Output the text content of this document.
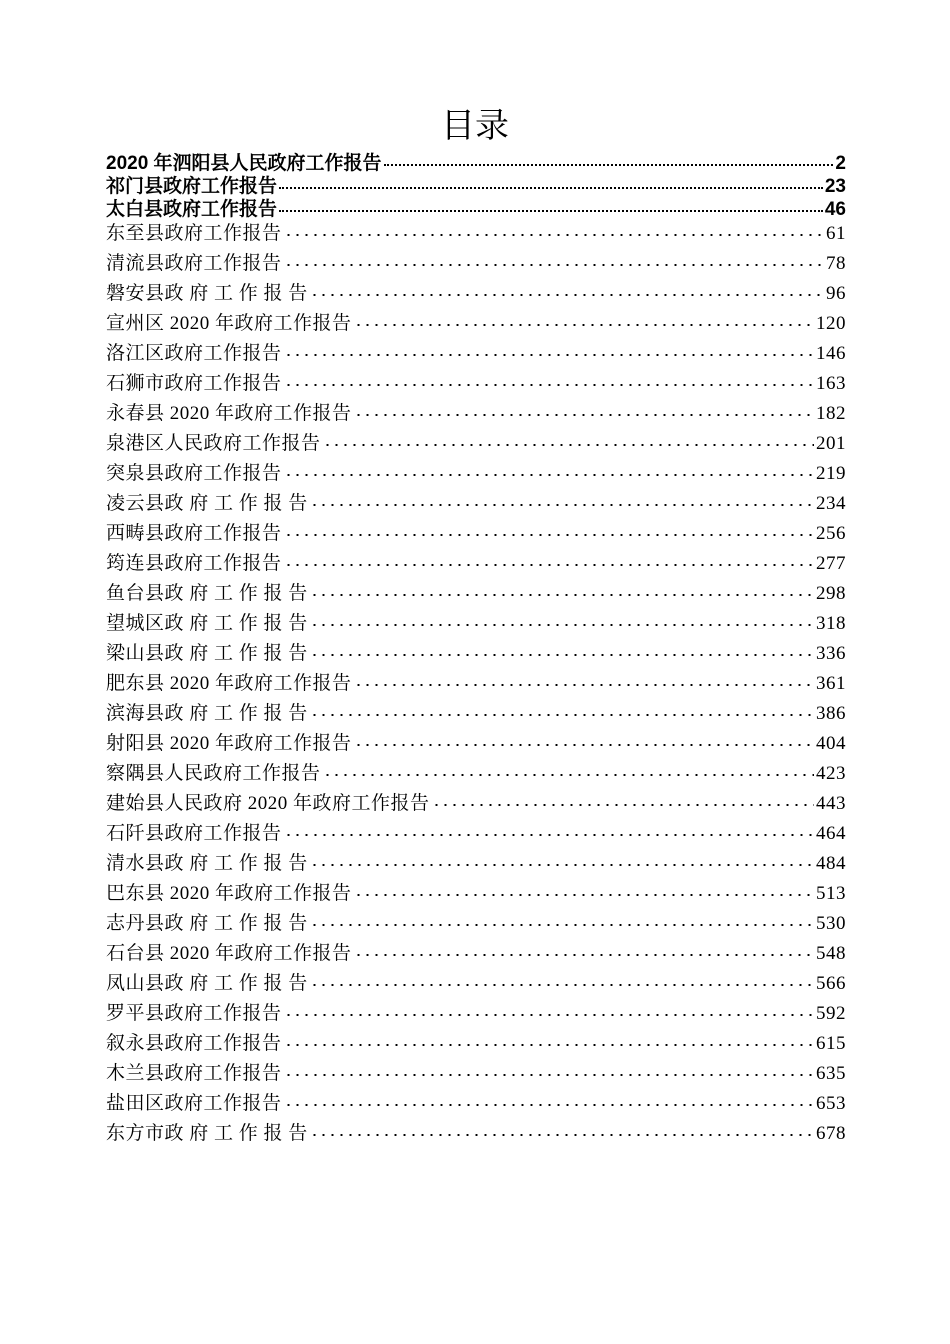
目录
2020 年泗阳县人民政府工作报告	2
祁门县政府工作报告	23
太白县政府工作报告	46
东至县政府工作报告	61
清流县政府工作报告	78
磐安县政 府 工 作 报 告	96
宣州区 2020 年政府工作报告	120
洛江区政府工作报告	146
石狮市政府工作报告	163
永春县 2020 年政府工作报告	182
泉港区人民政府工作报告	201
突泉县政府工作报告	219
凌云县政 府 工 作 报 告	234
西畴县政府工作报告	256
筠连县政府工作报告	277
鱼台县政 府 工 作 报 告	298
望城区政 府 工 作 报 告	318
梁山县政 府 工 作 报 告	336
肥东县 2020 年政府工作报告	361
滨海县政 府 工 作 报 告	386
射阳县 2020 年政府工作报告	404
察隅县人民政府工作报告	423
建始县人民政府 2020 年政府工作报告	443
石阡县政府工作报告	464
清水县政 府 工 作 报 告	484
巴东县 2020 年政府工作报告	513
志丹县政 府 工 作 报 告	530
石台县 2020 年政府工作报告	548
凤山县政 府 工 作 报 告	566
罗平县政府工作报告	592
叙永县政府工作报告	615
木兰县政府工作报告	635
盐田区政府工作报告	653
东方市政 府 工 作 报 告	678
